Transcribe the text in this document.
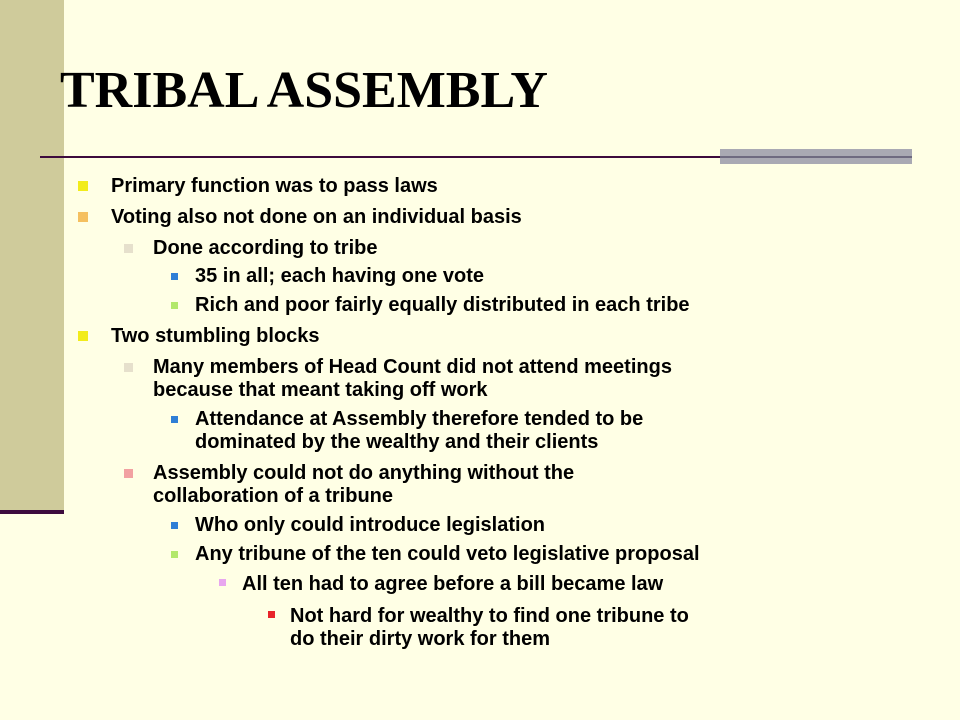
TRIBAL ASSEMBLY
Primary function was to pass laws
Voting also not done on an individual basis
Done according to tribe
35 in all; each having one vote
Rich and poor fairly equally distributed in each tribe
Two stumbling blocks
Many members of Head Count did not attend meetings
because that meant taking off work
Attendance at Assembly therefore tended to be
dominated by the wealthy and their clients
Assembly could not do anything without the
collaboration of a tribune
Who only could introduce legislation
Any tribune of the ten could veto legislative proposal
All ten had to agree before a bill became law
Not hard for wealthy to find one tribune to
do their dirty work for them
